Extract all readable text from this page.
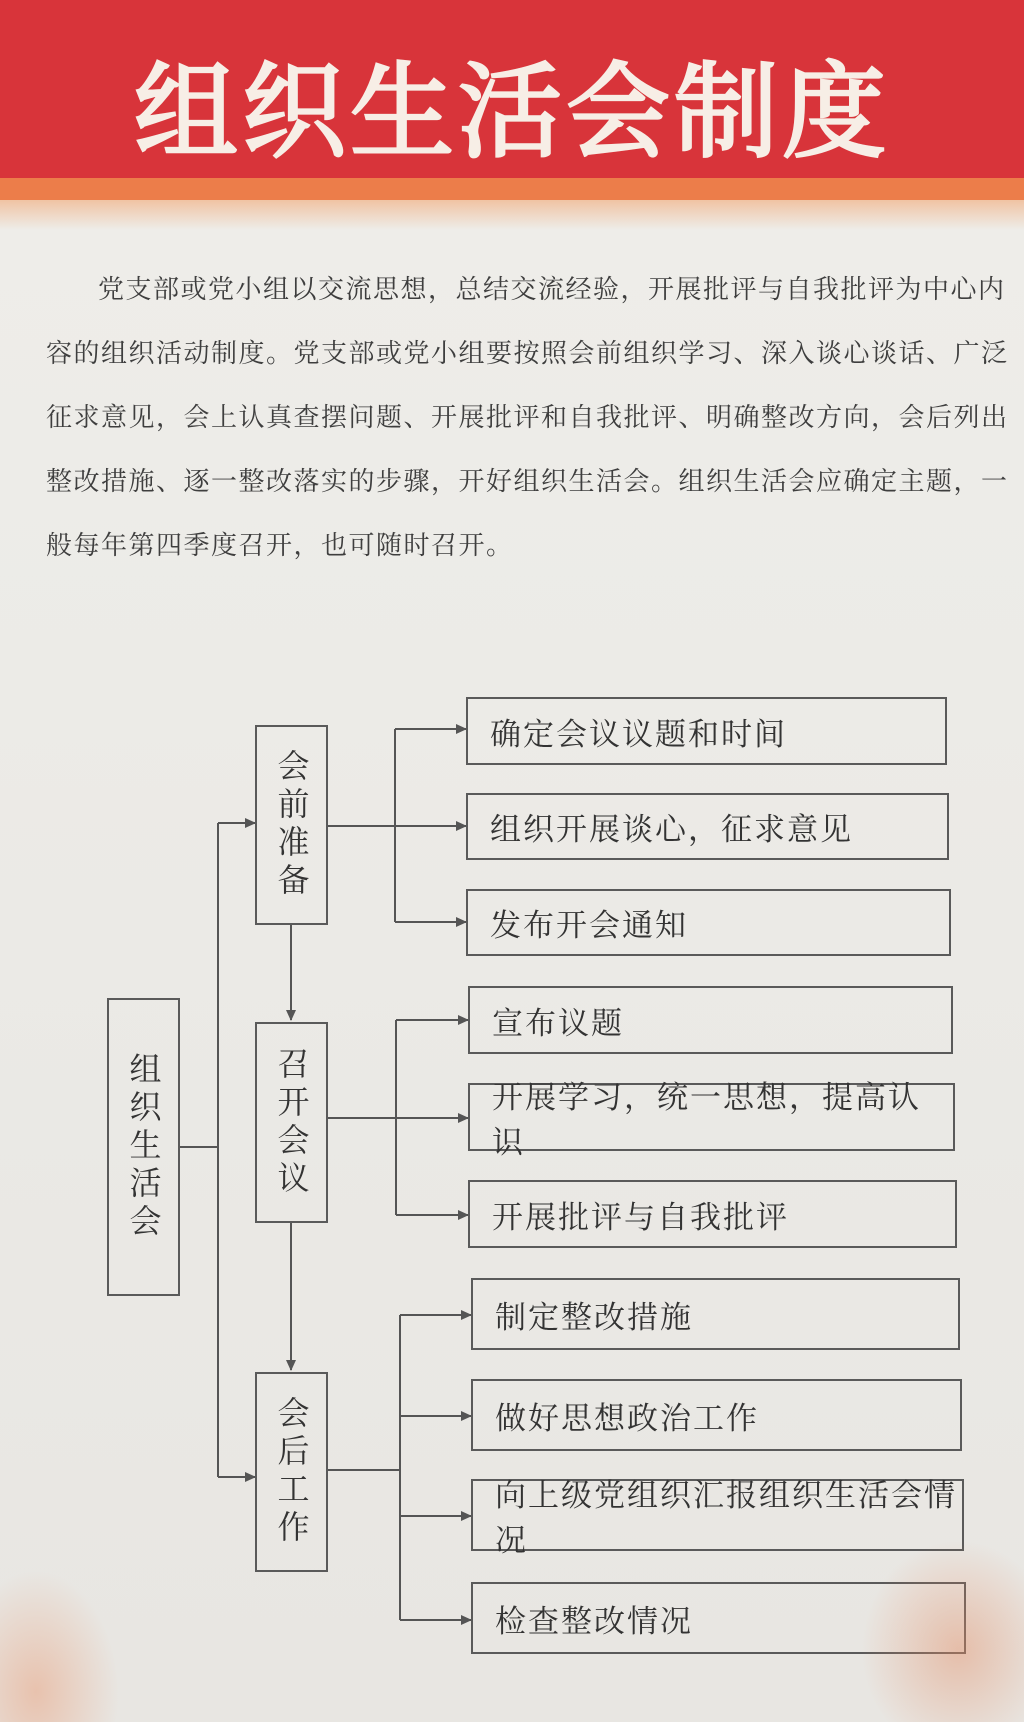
组织生活会制度

党支部或党小组以交流思想，总结交流经验，开展批评与自我批评为中心内容的组织活动制度。党支部或党小组要按照会前组织学习、深入谈心谈话、广泛征求意见，会上认真查摆问题、开展批评和自我批评、明确整改方向，会后列出整改措施、逐一整改落实的步骤，开好组织生活会。组织生活会应确定主题，一般每年第四季度召开，也可随时召开。

组织生活会
会前准备
召开会议
会后工作
确定会议议题和时间
组织开展谈心，征求意见
发布开会通知
宣布议题
开展学习，统一思想，提高认识
开展批评与自我批评
制定整改措施
做好思想政治工作
向上级党组织汇报组织生活会情况
检查整改情况
